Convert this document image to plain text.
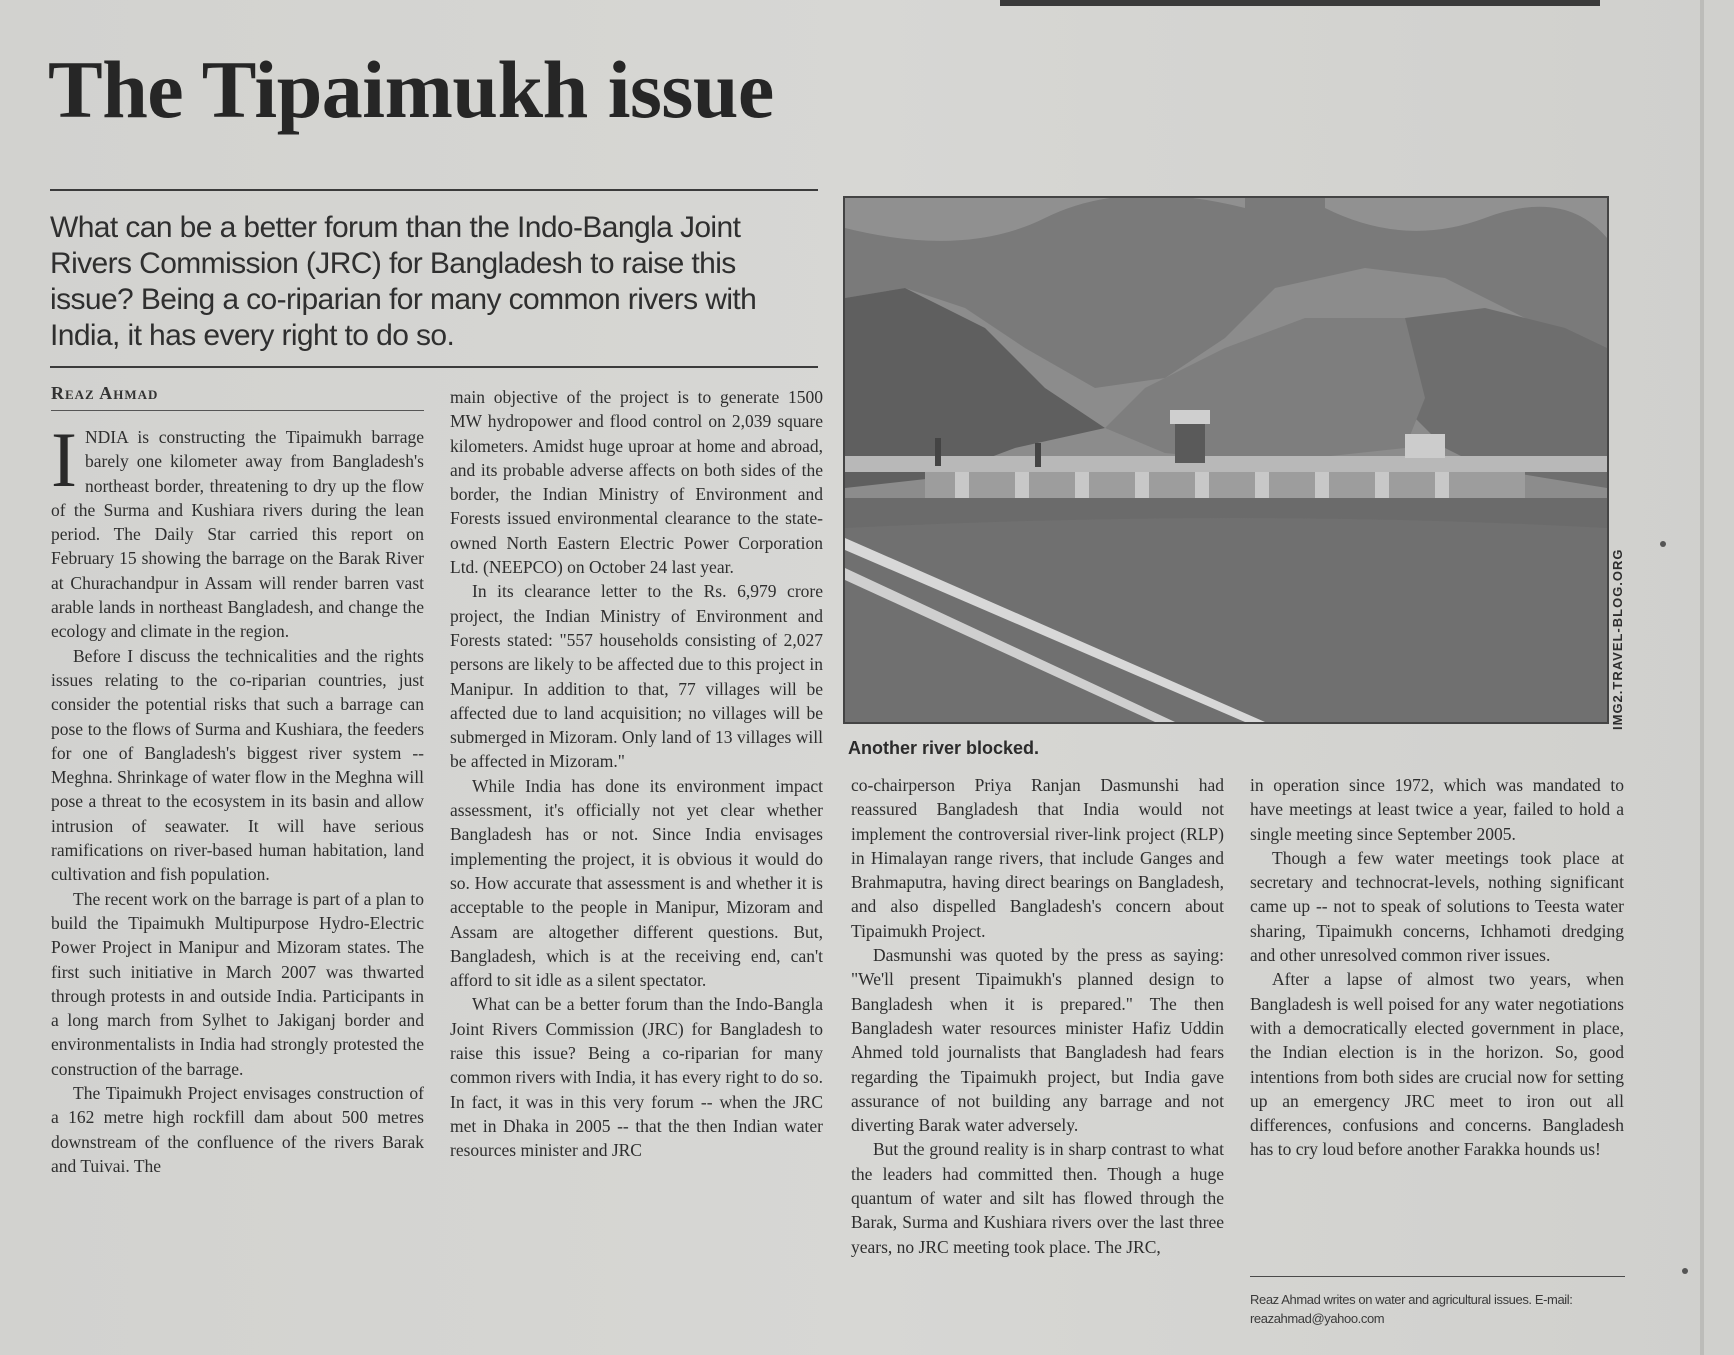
The Tipaimukh issue

What can be a better forum than the Indo-Bangla Joint Rivers Commission (JRC) for Bangladesh to raise this issue? Being a co-riparian for many common rivers with India, it has every right to do so.

Reaz Ahmad

INDIA is constructing the Tipaimukh barrage barely one kilometer away from Bangladesh's northeast border, threatening to dry up the flow of the Surma and Kushiara rivers during the lean period. The Daily Star carried this report on February 15 showing the barrage on the Barak River at Churachandpur in Assam will render barren vast arable lands in northeast Bangladesh, and change the ecology and climate in the region.

Before I discuss the technicalities and the rights issues relating to the co-riparian countries, just consider the potential risks that such a barrage can pose to the flows of Surma and Kushiara, the feeders for one of Bangladesh's biggest river system -- Meghna. Shrinkage of water flow in the Meghna will pose a threat to the ecosystem in its basin and allow intrusion of seawater. It will have serious ramifications on river-based human habitation, land cultivation and fish population.

The recent work on the barrage is part of a plan to build the Tipaimukh Multipurpose Hydro-Electric Power Project in Manipur and Mizoram states. The first such initiative in March 2007 was thwarted through protests in and outside India. Participants in a long march from Sylhet to Jakiganj border and environmentalists in India had strongly protested the construction of the barrage.

The Tipaimukh Project envisages construction of a 162 metre high rockfill dam about 500 metres downstream of the confluence of the rivers Barak and Tuivai. The

main objective of the project is to generate 1500 MW hydropower and flood control on 2,039 square kilometers. Amidst huge uproar at home and abroad, and its probable adverse affects on both sides of the border, the Indian Ministry of Environment and Forests issued environmental clearance to the state-owned North Eastern Electric Power Corporation Ltd. (NEEPCO) on October 24 last year.

In its clearance letter to the Rs. 6,979 crore project, the Indian Ministry of Environment and Forests stated: "557 households consisting of 2,027 persons are likely to be affected due to this project in Manipur. In addition to that, 77 villages will be affected due to land acquisition; no villages will be submerged in Mizoram. Only land of 13 villages will be affected in Mizoram."

While India has done its environment impact assessment, it's officially not yet clear whether Bangladesh has or not. Since India envisages implementing the project, it is obvious it would do so. How accurate that assessment is and whether it is acceptable to the people in Manipur, Mizoram and Assam are altogether different questions. But, Bangladesh, which is at the receiving end, can't afford to sit idle as a silent spectator.

What can be a better forum than the Indo-Bangla Joint Rivers Commission (JRC) for Bangladesh to raise this issue? Being a co-riparian for many common rivers with India, it has every right to do so. In fact, it was in this very forum -- when the JRC met in Dhaka in 2005 -- that the then Indian water resources minister and JRC

IMG2.TRAVEL-BLOG.ORG
Another river blocked.

co-chairperson Priya Ranjan Dasmunshi had reassured Bangladesh that India would not implement the controversial river-link project (RLP) in Himalayan range rivers, that include Ganges and Brahmaputra, having direct bearings on Bangladesh, and also dispelled Bangladesh's concern about Tipaimukh Project.

Dasmunshi was quoted by the press as saying: "We'll present Tipaimukh's planned design to Bangladesh when it is prepared." The then Bangladesh water resources minister Hafiz Uddin Ahmed told journalists that Bangladesh had fears regarding the Tipaimukh project, but India gave assurance of not building any barrage and not diverting Barak water adversely.

But the ground reality is in sharp contrast to what the leaders had committed then. Though a huge quantum of water and silt has flowed through the Barak, Surma and Kushiara rivers over the last three years, no JRC meeting took place. The JRC,

in operation since 1972, which was mandated to have meetings at least twice a year, failed to hold a single meeting since September 2005.

Though a few water meetings took place at secretary and technocrat-levels, nothing significant came up -- not to speak of solutions to Teesta water sharing, Tipaimukh concerns, Ichhamoti dredging and other unresolved common river issues.

After a lapse of almost two years, when Bangladesh is well poised for any water negotiations with a democratically elected government in place, the Indian election is in the horizon. So, good intentions from both sides are crucial now for setting up an emergency JRC meet to iron out all differences, confusions and concerns. Bangladesh has to cry loud before another Farakka hounds us!

Reaz Ahmad writes on water and agricultural issues. E-mail: reazahmad@yahoo.com
